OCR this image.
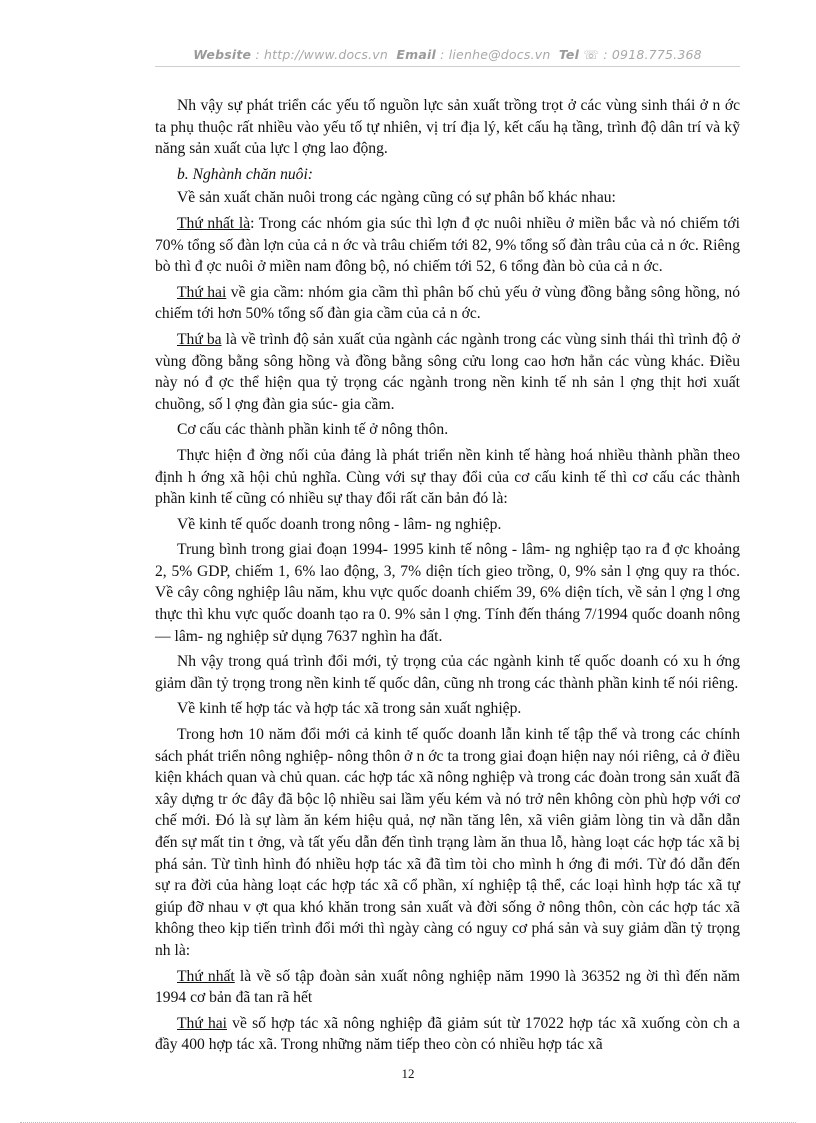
Website : http://www.docs.vn Email : lienhe@docs.vn Tel ☏ : 0918.775.368

Nh vậy sự phát triển các yếu tố nguồn lực sản xuất trồng trọt ở các vùng sinh thái ở n ớc ta phụ thuộc rất nhiều vào yếu tố tự nhiên, vị trí địa lý, kết cấu hạ tầng, trình độ dân trí và kỹ năng sản xuất của lực l ợng lao động.

b. Nghành chăn nuôi:

Về sản xuất chăn nuôi trong các ngàng cũng có sự phân bố khác nhau:

Thứ nhất là: Trong các nhóm gia súc thì lợn đ ợc nuôi nhiều ở miền bắc và nó chiếm tới 70% tổng số đàn lợn của cả n ớc và trâu chiếm tới 82, 9% tổng số đàn trâu của cả n ớc. Riêng bò thì đ ợc nuôi ở miền nam đông bộ, nó chiếm tới 52, 6 tổng đàn bò của cả n ớc.

Thứ hai về gia cầm: nhóm gia cầm thì phân bố chủ yếu ở vùng đồng bằng sông hồng, nó chiếm tới hơn 50% tổng số đàn gia cầm của cả n ớc.

Thứ ba là về trình độ sản xuất của ngành các ngành trong các vùng sinh thái thì trình độ ở vùng đồng bằng sông hồng và đồng bằng sông cửu long cao hơn hẳn các vùng khác. Điều này nó đ ợc thể hiện qua tỷ trọng các ngành trong nền kinh tế nh sản l ợng thịt hơi xuất chuồng, số l ợng đàn gia súc- gia cầm.

Cơ cấu các thành phần kinh tế ở nông thôn.

Thực hiện đ ờng nối của đảng là phát triển nền kinh tế hàng hoá nhiều thành phần theo định h ớng xã hội chủ nghĩa. Cùng với sự thay đổi của cơ cấu kinh tế thì cơ cấu các thành phần kinh tế cũng có nhiều sự thay đổi rất căn bản đó là:

Về kinh tế quốc doanh trong nông - lâm- ng nghiệp.

Trung bình trong giai đoạn 1994- 1995 kinh tế nông - lâm- ng nghiệp tạo ra đ ợc khoảng 2, 5% GDP, chiếm 1, 6% lao động, 3, 7% diện tích gieo trồng, 0, 9% sản l ợng quy ra thóc. Về cây công nghiệp lâu năm, khu vực quốc doanh chiếm 39, 6% diện tích, về sản l ợng l ơng thực thì khu vực quốc doanh tạo ra 0. 9% sản l ợng. Tính đến tháng 7/1994 quốc doanh nông — lâm- ng nghiệp sử dụng 7637 nghìn ha đất.

Nh vậy trong quá trình đổi mới, tỷ trọng của các ngành kinh tế quốc doanh có xu h ớng giảm dần tỷ trọng trong nền kinh tế quốc dân, cũng nh trong các thành phần kinh tế nói riêng.

Về kinh tế hợp tác và hợp tác xã trong sản xuất nghiệp.

Trong hơn 10 năm đổi mới cả kinh tế quốc doanh lẫn kinh tế tập thể và trong các chính sách phát triển nông nghiệp- nông thôn ở n ớc ta trong giai đoạn hiện nay nói riêng, cả ở điều kiện khách quan và chủ quan. các hợp tác xã nông nghiệp và trong các đoàn trong sản xuất đã xây dựng tr ớc đây đã bộc lộ nhiều sai lầm yếu kém và nó trở nên không còn phù hợp với cơ chế mới. Đó là sự làm ăn kém hiệu quả, nợ nần tăng lên, xã viên giảm lòng tin và dẫn dẫn đến sự mất tin t ởng, và tất yếu dẫn đến tình trạng làm ăn thua lỗ, hàng loạt các hợp tác xã bị phá sản. Từ tình hình đó nhiều hợp tác xã đã tìm tòi cho mình h ớng đi mới. Từ đó dẫn đến sự ra đời của hàng loạt các hợp tác xã cổ phần, xí nghiệp tậ thể, các loại hình hợp tác xã tự giúp đỡ nhau v ợt qua khó khăn trong sản xuất và đời sống ở nông thôn, còn các hợp tác xã không theo kịp tiến trình đổi mới thì ngày càng có nguy cơ phá sản và suy giảm dần tỷ trọng nh là:

Thứ nhất là về số tập đoàn sản xuất nông nghiệp năm 1990 là 36352 ng ời thì đến năm 1994 cơ bản đã tan rã hết

Thứ hai về số hợp tác xã nông nghiệp đã giảm sút từ 17022 hợp tác xã xuống còn ch a đầy 400 hợp tác xã. Trong những năm tiếp theo còn có nhiều hợp tác xã

12
